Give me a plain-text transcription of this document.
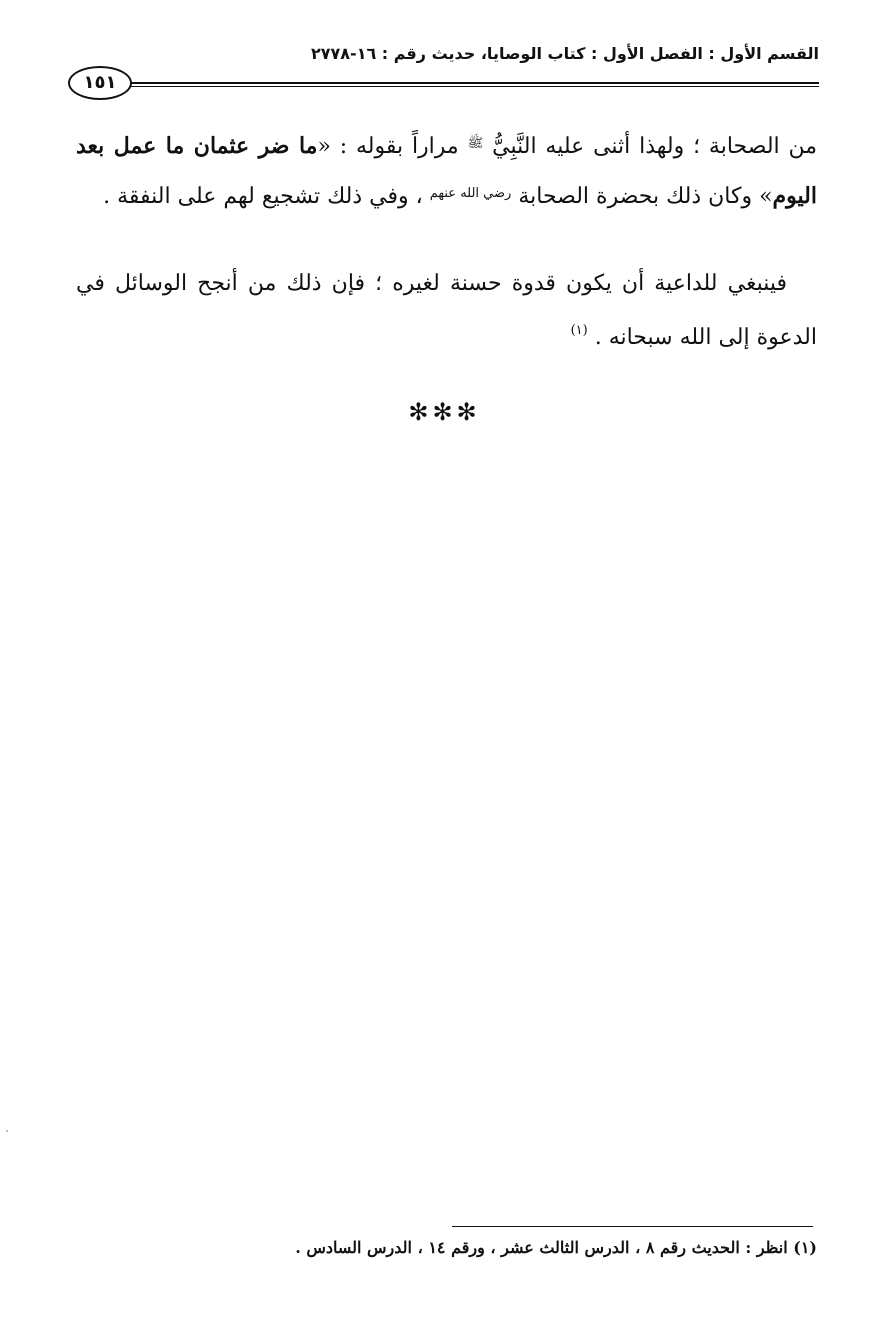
القسم الأول : الفصل الأول : كتاب الوصايا، حديث رقم : ١٦-٢٧٧٨
١٥١
من الصحابة ؛ ولهذا أثنى عليه النَّبِيُّ $^ﷺ$ مراراً بقوله : «ما ضر عثمان ما عمل بعد اليوم» وكان ذلك بحضرة الصحابة $^{رضي الله عنهم}$ ، وفي ذلك تشجيع لهم على النفقة .
فينبغي للداعية أن يكون قدوة حسنة لغيره ؛ فإن ذلك من أنجح الوسائل في الدعوة إلى الله سبحانه . $^{(١)}$
✻✻✻
(١) انظر : الحديث رقم ٨ ، الدرس الثالث عشر ، ورقم ١٤ ، الدرس السادس .
